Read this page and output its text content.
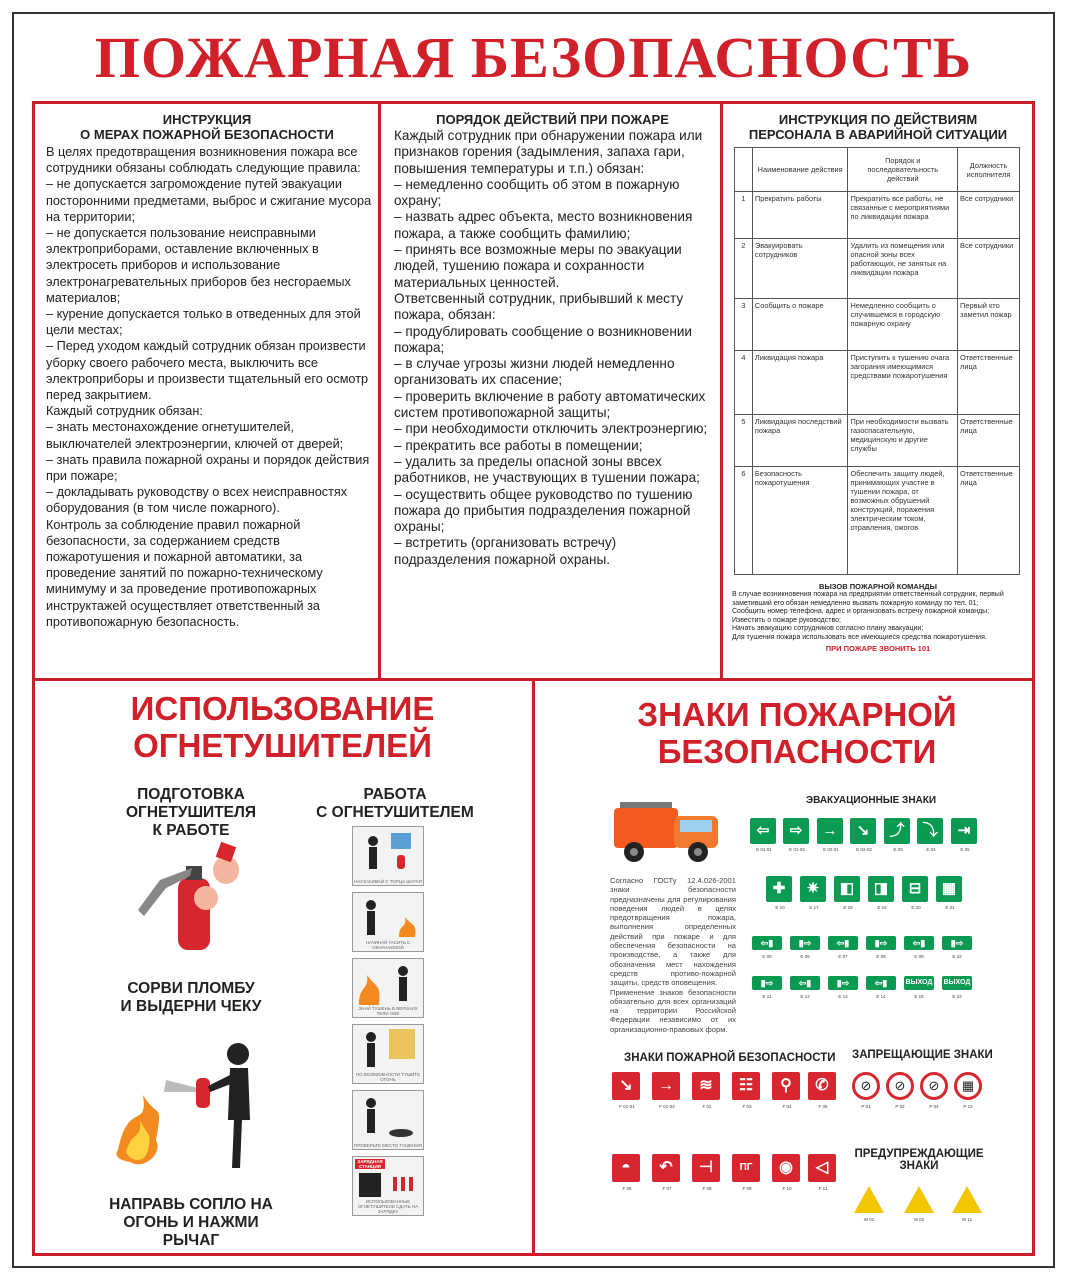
ПОЖАРНАЯ БЕЗОПАСНОСТЬ
ИНСТРУКЦИЯ
О МЕРАХ ПОЖАРНОЙ БЕЗОПАСНОСТИ
В целях предотвращения возникновения пожара все сотрудники обязаны соблюдать следующие правила:
– не допускается загромождение путей эвакуации посторонними предметами, выброс и сжигание мусора на территории;
– не допускается пользование неисправными электроприборами, оставление включенных в электросеть приборов и использование электронагревательных приборов без несгораемых материалов;
– курение допускается только в отведенных для этой цели местах;
– Перед уходом каждый сотрудник обязан произвести уборку своего рабочего места, выключить все электроприборы и произвести тщательный его осмотр перед закрытием.
Каждый сотрудник обязан:
– знать местонахождение огнетушителей, выключателей электроэнергии, ключей от дверей;
– знать правила пожарной охраны и порядок действия при пожаре;
– докладывать руководству о всех неисправностях оборудования (в том числе пожарного).
Контроль за соблюдение правил пожарной безопасности, за содержанием средств пожаротушения и пожарной автоматики, за проведение занятий по пожарно-техническому минимуму и за проведение противопожарных инструктажей осуществляет ответственный за противопожарную безопасность.
ПОРЯДОК ДЕЙСТВИЙ ПРИ ПОЖАРЕ
Каждый сотрудник при обнаружении пожара или признаков горения (задымления, запаха гари, повышения температуры и т.п.) обязан:
– немедленно сообщить об этом в пожарную охрану;
– назвать адрес объекта, место возникновения пожара, а также сообщить фамилию;
– принять все возможные меры по эвакуации людей, тушению пожара и сохранности материальных ценностей.
Ответсвенный сотрудник, прибывший к месту пожара, обязан:
– продублировать сообщение о возникновении пожара;
– в случае угрозы жизни людей немедленно организовать их спасение;
– проверить включение в работу автоматических систем противопожарной защиты;
– при необходимости отключить электроэнергию;
– прекратить все работы в помещении;
– удалить за пределы опасной зоны ввсех работников, не участвующих в тушении пожара;
– осуществить общее руководство по тушению пожара до прибытия подразделения пожарной охраны;
– встретить (организовать встречу) подразделения пожарной охраны.
ИНСТРУКЦИЯ ПО ДЕЙСТВИЯМ
ПЕРСОНАЛА В АВАРИЙНОЙ СИТУАЦИИ
	Наименование действия	Порядок и последовательность действий	Должность исполнителя
1	Прекратить работы	Прекратить все работы, не связанные с мероприятиями по ликвидации пожара	Все сотрудники
2	Эвакуировать сотрудников	Удалить из помещения или опасной зоны всех работающих, не занятых на ликвидации пожара	Все сотрудники
3	Сообщить о пожаре	Немедленно сообщить о случившемся в городскую пожарную охрану	Первый кто заметил пожар
4	Ликвидация пожара	Приступить к тушению очага загорания имеющимися средствами пожаротушения	Ответственные лица
5	Ликвидация последствий пожара	При необходимости вызвать газоспасательную, медицинскую и другие службы	Ответственные лица
6	Безопасность пожаротушения	Обеспечить защиту людей, принимающих участие в тушении пожара, от возможных обрушений конструкций, поражения электрическим током, отравления, ожогов	Ответственные лица
ВЫЗОВ ПОЖАРНОЙ КОМАНДЫ
В случае возникновения пожара на предприятии ответственный сотрудник, первый заметивший его обязан немедленно вызвать пожарную команду по тел. 01;
Сообщить номер телефона, адрес и организовать встречу пожарной команды;
Известить о пожаре руководство;
Начать эвакуацию сотрудников согласно плану эвакуации;
Для тушения пожара использовать все имеющиеся средства пожаротушения.
ПРИ ПОЖАРЕ ЗВОНИТЬ 101
ИСПОЛЬЗОВАНИЕ
ОГНЕТУШИТЕЛЕЙ
ПОДГОТОВКА
ОГНЕТУШИТЕЛЯ
К РАБОТЕ
РАБОТА
С ОГНЕТУШИТЕЛЕМ
СОРВИ ПЛОМБУ
И ВЫДЕРНИ ЧЕКУ
НАПРАВЬ СОПЛО НА
ОГОНЬ И НАЖМИ РЫЧАГ
НАСКАКИВАЙ С ТОРЦА ШАГАЯ
НАЧИНАЙ ГАСИТЬ С ОКНАЧАЕМОЙ
ЗНАЙ ТУШЕНЬ В ВЕРХНИХ ТЕЛИ ОБЕ
ПО ВОЗМОЖНОСТИ ТУШИТЕ ОГОНЬ
ПРОВЕРЬТЕ МЕСТО ТУШЕНИЯ
ЗАРЯДНАЯ СТАНЦИЯ
ИСПОЛЬЗОВАННЫЕ ОГНЕТУШИТЕЛИ СДАТЬ НА ЗАРЯДКУ
ЗНАКИ ПОЖАРНОЙ
БЕЗОПАСНОСТИ
ЭВАКУАЦИОННЫЕ ЗНАКИ
Согласно ГОСТу 12.4.026-2001 знаки безопасности предназначены для регулирования поведения людей в целях предотвращения пожара, выполнения определенных действий при пожаре и для обеспечения безопасности на производстве, а также для обозначения мест нахождения средств противо-пожарной защиты, средств оповещения.
Применение знаков безопасности обязательно для всех организаций на территории Российской Федерации независимо от их организационно-правовых форм.
⇦	⇨	→	↘	⤴	⤵	⇥
E 01-01	E 01-02	E 02-01	E 02-02	E 03	E 04	E 05
✚	✷	◧	◨	⊟	▦
E 10	E 17	E 18	E 19	E 20	E 21
⇦▮	▮⇨	⇦▮	▮⇨	⇦▮	▮⇨
E 05	E 06	E 07	E 08	E 09	E 22
▮⇨	⇦▮	▮⇨	⇦▮	ВЫХОД ВЫХОД
E 11	E 12	E 13	E 14	E 15	E 23
ЗНАКИ ПОЖАРНОЙ БЕЗОПАСНОСТИ
↘	→	≋	☷	⚲	✆
F 01-01	F 01-02	F 02	F 03	F 04	F 05
◓	↶	⊣	ПГ	◉	◁
F 06	F 07	F 08	F 09	F 10	F 11
ЗАПРЕЩАЮЩИЕ ЗНАКИ
⊘	⊘	⊘	▦
P 01	P 02	P 04	P 12
ПРЕДУПРЕЖДАЮЩИЕ
ЗНАКИ
W 01	W 02	W 11
